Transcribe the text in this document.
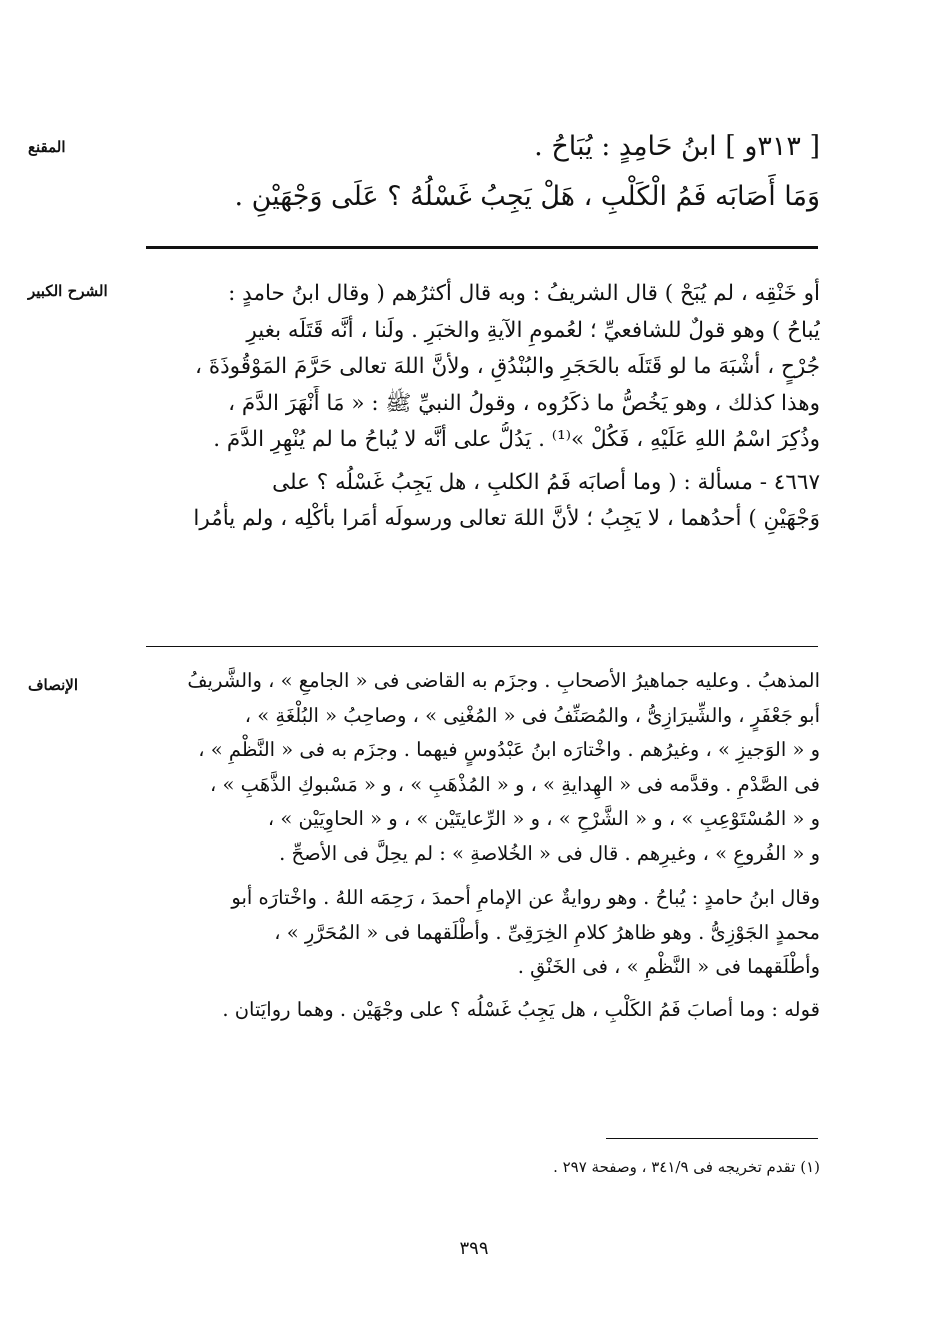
المقنع	[ ٣١٣و ] ابنُ حَامِدٍ : يُبَاحُ .
وَمَا أَصَابَه فَمُ الْكَلْبِ ، هَلْ يَجِبُ غَسْلُهُ ؟ عَلَى وَجْهَيْنِ .
الشرح الكبير	أو خَنْقِه ، لم يُبَحْ ) قال الشريفُ : وبه قال أكثرُهم ( وقال ابنُ حامدٍ :
يُباحُ ) وهو قولٌ للشافعيِّ ؛ لعُمومِ الآيةِ والخبَرِ . ولَنا ، أنَّه قَتَلَه بغيرِ
جُرْحٍ ، أشْبَهَ ما لو قَتَلَه بالحَجَرِ والبُنْدُقِ ، ولأنَّ اللهَ تعالى حَرَّمَ المَوْقُوذَةَ ،
وهذا كذلك ، وهو يَخُصُّ ما ذكَرُوه ، وقولُ النبيِّ ﷺ : « مَا أَنْهَرَ الدَّمَ ،
وذُكِرَ اسْمُ اللهِ عَلَيْهِ ، فَكُلْ »⁽¹⁾ . يَدُلُّ على أنَّه لا يُباحُ ما لم يُنْهِرِ الدَّمَ .
٤٦٦٧ - مسألة : ( وما أصابَه فَمُ الكلبِ ، هل يَجِبُ غَسْلُه ؟ على
وَجْهَيْنِ ) أحدُهما ، لا يَجِبُ ؛ لأنَّ اللهَ تعالى ورسولَه أمَرا بأكْلِه ، ولم يأْمُرا
الإنصاف	المذهبُ . وعليه جماهيرُ الأصحابِ . وجزَم به القاضى فى « الجامعِ » ، والشَّريفُ
أبو جَعْفَرٍ ، والشِّيرَازِىُّ ، والمُصَنِّفُ فى « المُغْنِى » ، وصاحِبُ « البُلْغَةِ » ،
و « الوَجيزِ » ، وغيرُهم . واخْتارَه ابنُ عَبْدُوسٍ فيهما . وجزَم به فى « النَّظْمِ » ،
فى الصَّدْمِ . وقدَّمه فى « الهِدايةِ » ، و « المُذْهَبِ » ، و « مَسْبوكِ الذَّهَبِ » ،
و « المُسْتَوْعِبِ » ، و « الشَّرْحِ » ، و « الرِّعايتَيْن » ، و « الحاوِيَيْن » ،
و « الفُروعِ » ، وغيرِهم . قال فى « الخُلاصةِ » : لم يحِلَّ فى الأصحِّ .
وقال ابنُ حامدٍ : يُباحُ . وهو روايةٌ عن الإمامِ أحمدَ ، رَحِمَه اللهُ . واخْتارَه أبو
محمدٍ الجَوْزِىُّ . وهو ظاهرُ كلامِ الخِرَقِىِّ . وأطْلَقهما فى « المُحَرَّرِ » ،
وأطْلَقهما فى « النَّظْمِ » ، فى الخَنْقِ .
قوله : وما أصابَ فَمُ الكَلْبِ ، هل يَجِبُ غَسْلُه ؟ على وجْهَيْن . وهما روايَتان .
(١) تقدم تخريجه فى ٣٤١/٩ ، وصفحة ٢٩٧ .
٣٩٩
